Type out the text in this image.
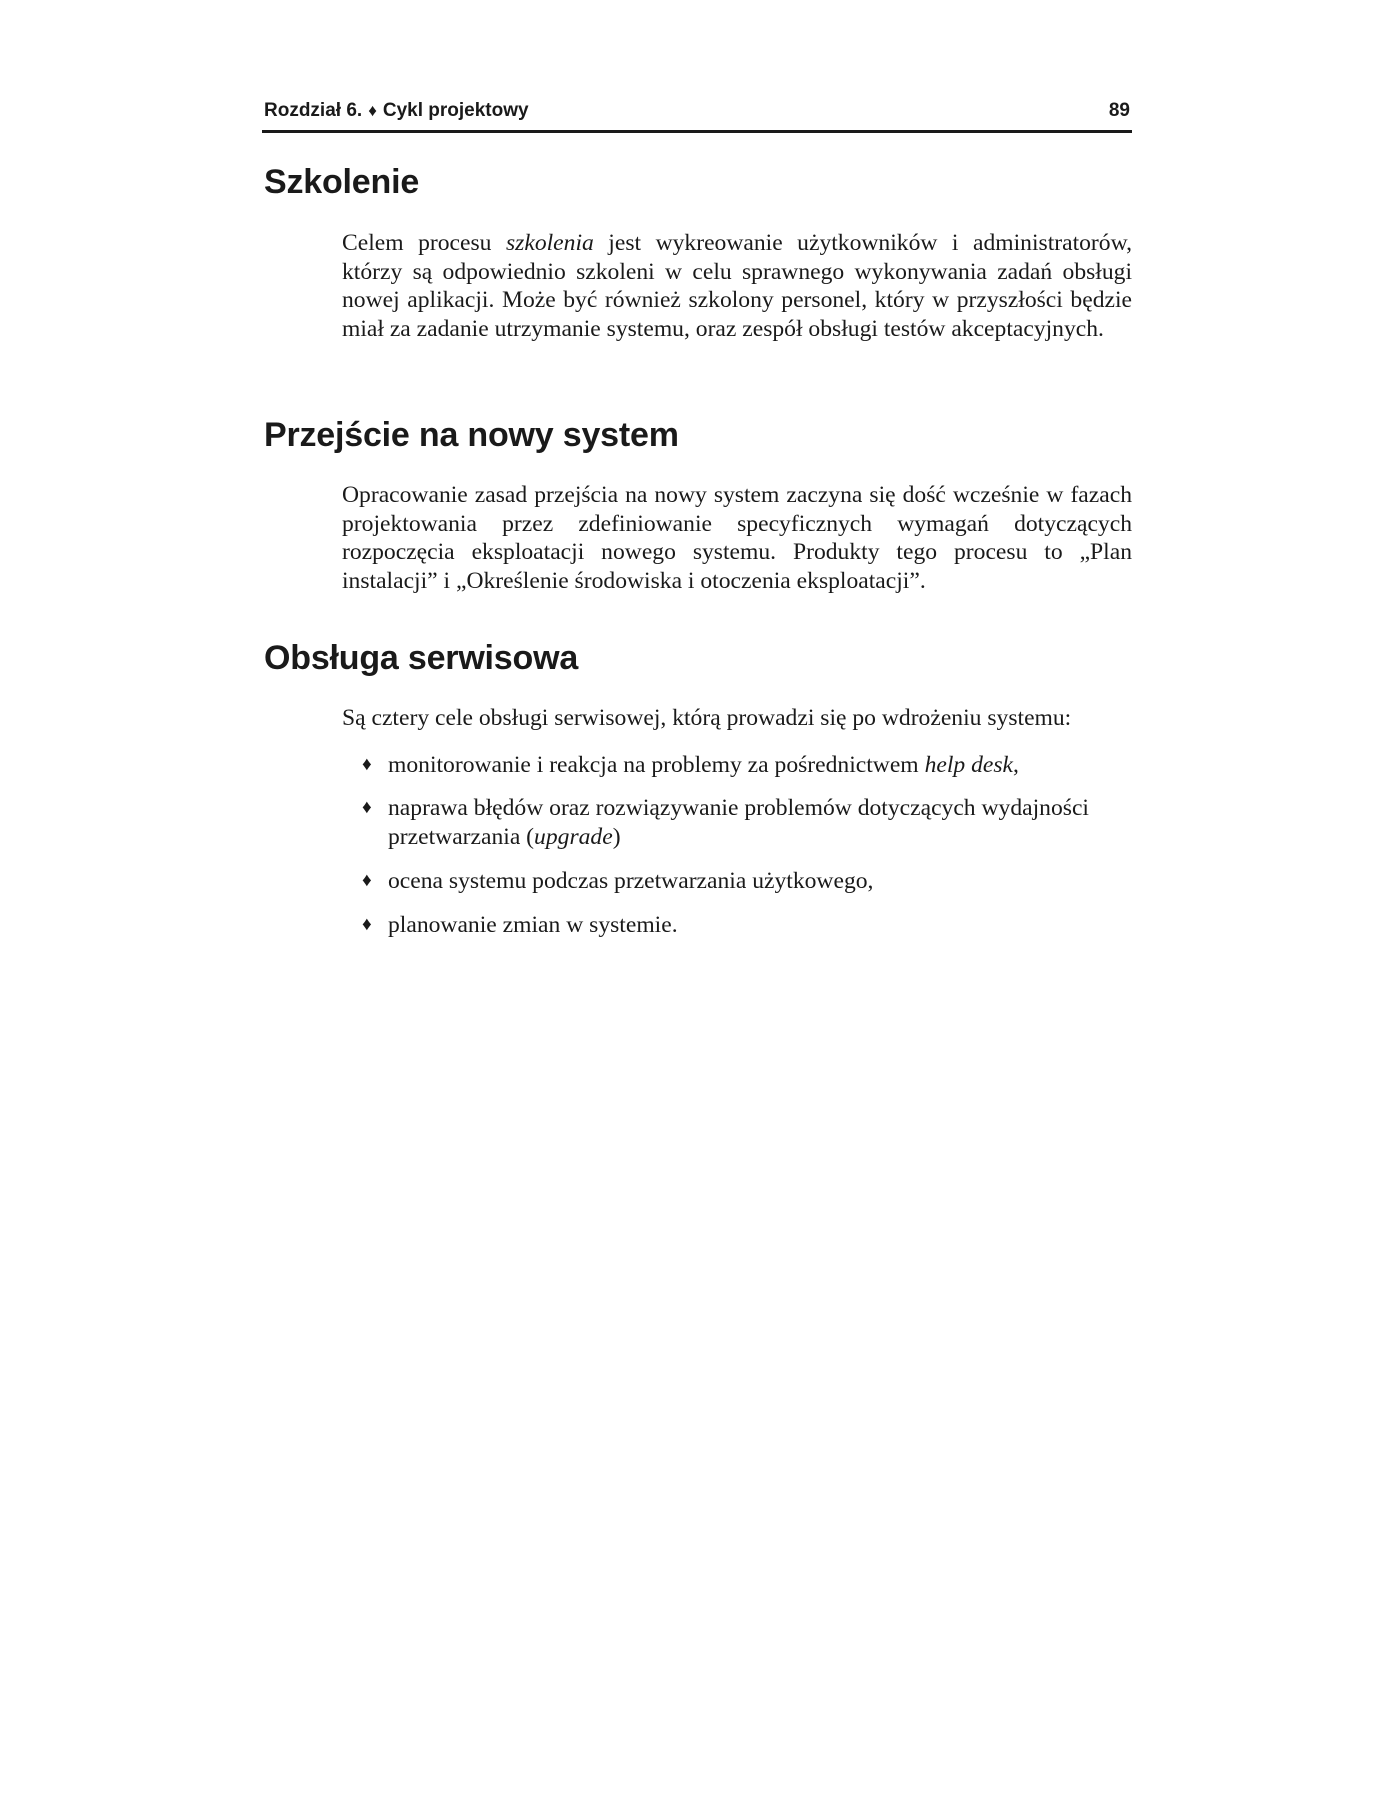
Rozdział 6. ♦ Cykl projektowy	89
Szkolenie

Celem procesu szkolenia jest wykreowanie użytkowników i administratorów, którzy są odpowiednio szkoleni w celu sprawnego wykonywania zadań obsługi nowej aplikacji. Może być również szkolony personel, który w przyszłości będzie miał za zadanie utrzymanie systemu, oraz zespół obsługi testów akceptacyjnych.

Przejście na nowy system

Opracowanie zasad przejścia na nowy system zaczyna się dość wcześnie w fazach projektowania przez zdefiniowanie specyficznych wymagań dotyczących rozpoczęcia eksploatacji nowego systemu. Produkty tego procesu to „Plan instalacji” i „Określenie środowiska i otoczenia eksploatacji”.

Obsługa serwisowa

Są cztery cele obsługi serwisowej, którą prowadzi się po wdrożeniu systemu:

♦ monitorowanie i reakcja na problemy za pośrednictwem help desk,
♦ naprawa błędów oraz rozwiązywanie problemów dotyczących wydajności przetwarzania (upgrade)
♦ ocena systemu podczas przetwarzania użytkowego,
♦ planowanie zmian w systemie.
